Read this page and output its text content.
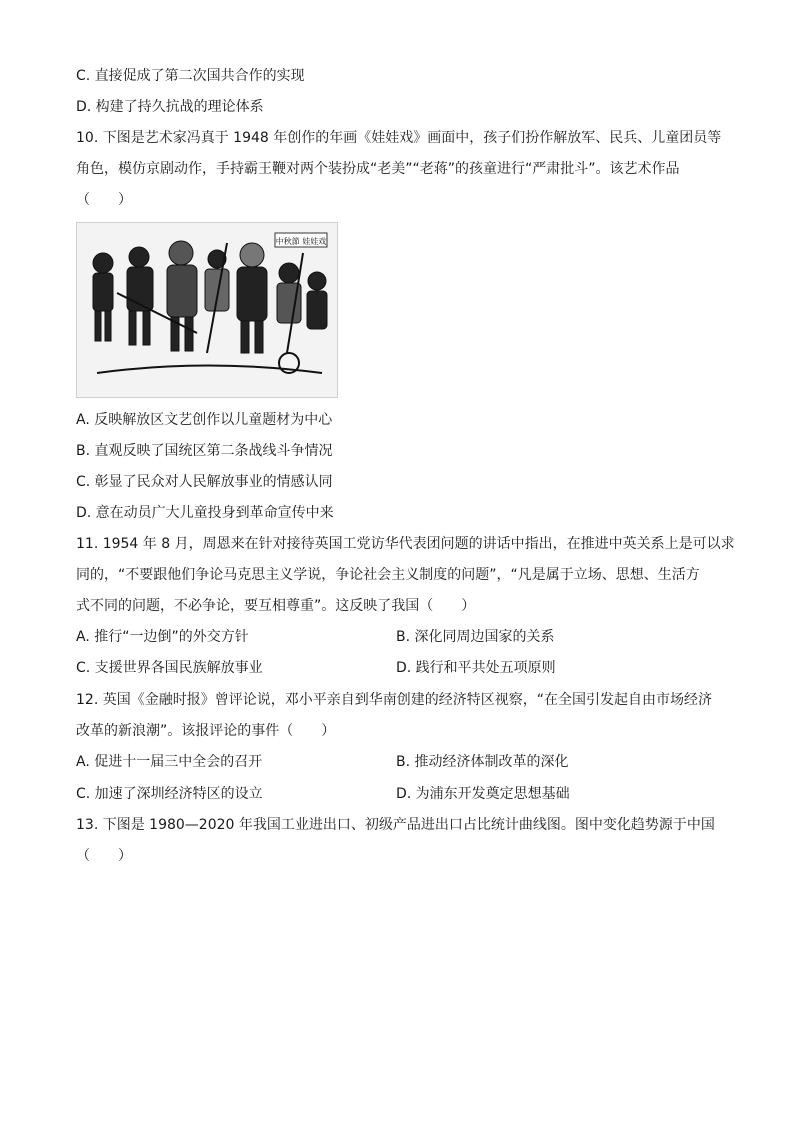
C. 直接促成了第二次国共合作的实现
D. 构建了持久抗战的理论体系
10. 下图是艺术家冯真于 1948 年创作的年画《娃娃戏》画面中，孩子们扮作解放军、民兵、儿童团员等
角色，模仿京剧动作，手持霸王鞭对两个装扮成“老美”“老蒋”的孩童进行“严肃批斗”。该艺术作品
（　　）
中秋節 娃娃戏
A. 反映解放区文艺创作以儿童题材为中心
B. 直观反映了国统区第二条战线斗争情况
C. 彰显了民众对人民解放事业的情感认同
D. 意在动员广大儿童投身到革命宣传中来
11. 1954 年 8 月，周恩来在针对接待英国工党访华代表团问题的讲话中指出，在推进中英关系上是可以求
同的，“不要跟他们争论马克思主义学说，争论社会主义制度的问题”，“凡是属于立场、思想、生活方
式不同的问题，不必争论，要互相尊重”。这反映了我国（　　）
A. 推行“一边倒”的外交方针	B. 深化同周边国家的关系
C. 支援世界各国民族解放事业	D. 践行和平共处五项原则
12. 英国《金融时报》曾评论说，邓小平亲自到华南创建的经济特区视察，“在全国引发起自由市场经济
改革的新浪潮”。该报评论的事件（　　）
A. 促进十一届三中全会的召开	B. 推动经济体制改革的深化
C. 加速了深圳经济特区的设立	D. 为浦东开发奠定思想基础
13. 下图是 1980—2020 年我国工业进出口、初级产品进出口占比统计曲线图。图中变化趋势源于中国
（　　）
